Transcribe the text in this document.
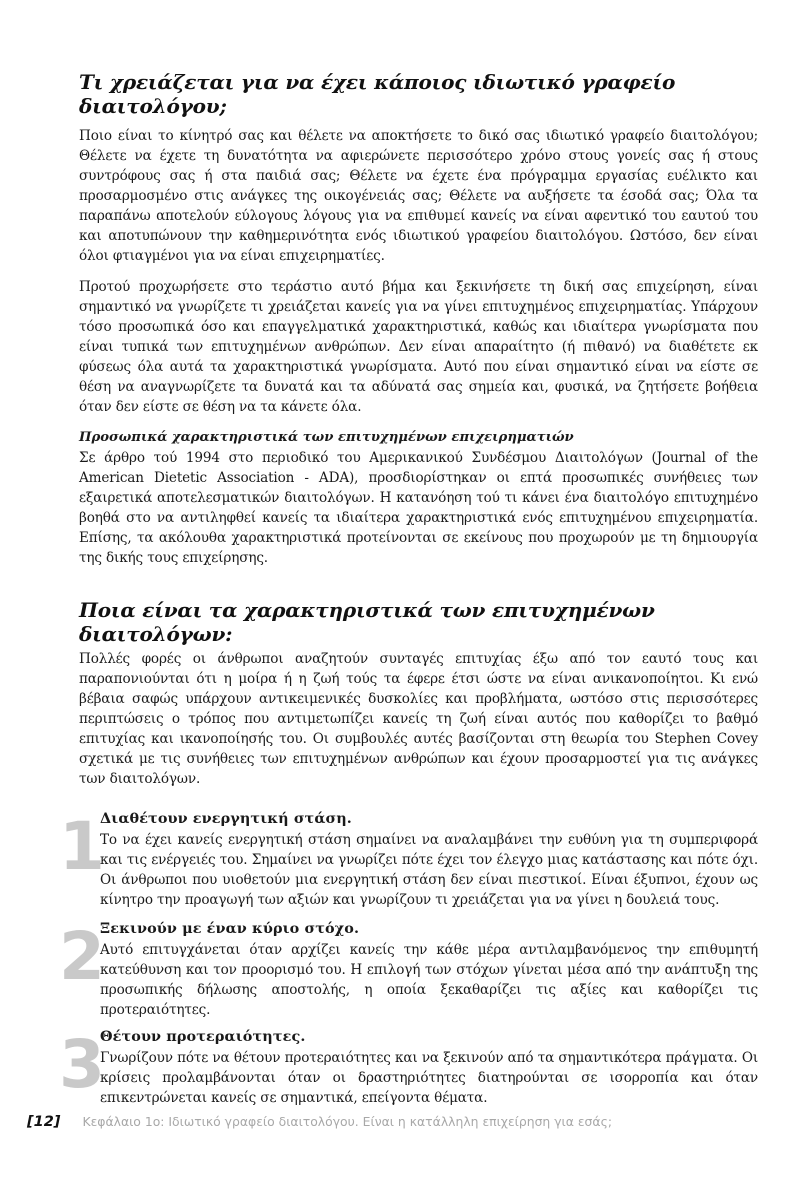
Τι χρειάζεται για να έχει κάποιος ιδιωτικό γραφείο διαιτολόγου;

Ποιο είναι το κίνητρό σας και θέλετε να αποκτήσετε το δικό σας ιδιωτικό γραφείο διαιτολόγου; Θέλετε να έχετε τη δυνατότητα να αφιερώνετε περισσότερο χρόνο στους γονείς σας ή στους συντρόφους σας ή στα παιδιά σας; Θέλετε να έχετε ένα πρόγραμμα εργασίας ευέλικτο και προσαρμοσμένο στις ανάγκες της οικογένειάς σας; Θέλετε να αυξήσετε τα έσοδά σας; Όλα τα παραπάνω αποτελούν εύλογους λόγους για να επιθυμεί κανείς να είναι αφεντικό του εαυτού του και αποτυπώνουν την καθημερινότητα ενός ιδιωτικού γραφείου διαιτολόγου. Ωστόσο, δεν είναι όλοι φτιαγμένοι για να είναι επιχειρηματίες.

Προτού προχωρήσετε στο τεράστιο αυτό βήμα και ξεκινήσετε τη δική σας επιχείρηση, είναι σημαντικό να γνωρίζετε τι χρειάζεται κανείς για να γίνει επιτυχημένος επιχειρηματίας. Υπάρχουν τόσο προσωπικά όσο και επαγγελματικά χαρακτηριστικά, καθώς και ιδιαίτερα γνωρίσματα που είναι τυπικά των επιτυχημένων ανθρώπων. Δεν είναι απαραίτητο (ή πιθανό) να διαθέτετε εκ φύσεως όλα αυτά τα χαρακτηριστικά γνωρίσματα. Αυτό που είναι σημαντικό είναι να είστε σε θέση να αναγνωρίζετε τα δυνατά και τα αδύνατά σας σημεία και, φυσικά, να ζητήσετε βοήθεια όταν δεν είστε σε θέση να τα κάνετε όλα.

Προσωπικά χαρακτηριστικά των επιτυχημένων επιχειρηματιών

Σε άρθρο τού 1994 στο περιοδικό του Αμερικανικού Συνδέσμου Διαιτολόγων (Journal of the American Dietetic Association - ADA), προσδιορίστηκαν οι επτά προσωπικές συνήθειες των εξαιρετικά αποτελεσματικών διαιτολόγων. Η κατανόηση τού τι κάνει ένα διαιτολόγο επιτυχημένο βοηθά στο να αντιληφθεί κανείς τα ιδιαίτερα χαρακτηριστικά ενός επιτυχημένου επιχειρηματία. Επίσης, τα ακόλουθα χαρακτηριστικά προτείνονται σε εκείνους που προχωρούν με τη δημιουργία της δικής τους επιχείρησης.

Ποια είναι τα χαρακτηριστικά των επιτυχημένων διαιτολόγων:

Πολλές φορές οι άνθρωποι αναζητούν συνταγές επιτυχίας έξω από τον εαυτό τους και παραπονιούνται ότι η μοίρα ή η ζωή τούς τα έφερε έτσι ώστε να είναι ανικανοποίητοι. Κι ενώ βέβαια σαφώς υπάρχουν αντικειμενικές δυσκολίες και προβλήματα, ωστόσο στις περισσότερες περιπτώσεις ο τρόπος που αντιμετωπίζει κανείς τη ζωή είναι αυτός που καθορίζει το βαθμό επιτυχίας και ικανοποίησής του. Οι συμβουλές αυτές βασίζονται στη θεωρία του Stephen Covey σχετικά με τις συνήθειες των επιτυχημένων ανθρώπων και έχουν προσαρμοστεί για τις ανάγκες των διαιτολόγων.

1
Διαθέτουν ενεργητική στάση.

Το να έχει κανείς ενεργητική στάση σημαίνει να αναλαμβάνει την ευθύνη για τη συμπεριφορά και τις ενέργειές του. Σημαίνει να γνωρίζει πότε έχει τον έλεγχο μιας κατάστασης και πότε όχι. Οι άνθρωποι που υιοθετούν μια ενεργητική στάση δεν είναι πιεστικοί. Είναι έξυπνοι, έχουν ως κίνητρο την προαγωγή των αξιών και γνωρίζουν τι χρειάζεται για να γίνει η δουλειά τους.

2
Ξεκινούν με έναν κύριο στόχο.

Αυτό επιτυγχάνεται όταν αρχίζει κανείς την κάθε μέρα αντιλαμβανόμενος την επιθυμητή κατεύθυνση και τον προορισμό του. Η επιλογή των στόχων γίνεται μέσα από την ανάπτυξη της προσωπικής δήλωσης αποστολής, η οποία ξεκαθαρίζει τις αξίες και καθορίζει τις προτεραιότητες.

3
Θέτουν προτεραιότητες.

Γνωρίζουν πότε να θέτουν προτεραιότητες και να ξεκινούν από τα σημαντικότερα πράγματα. Οι κρίσεις προλαμβάνονται όταν οι δραστηριότητες διατηρούνται σε ισορροπία και όταν επικεντρώνεται κανείς σε σημαντικά, επείγοντα θέματα.

[12] Κεφάλαιο 1ο: Ιδιωτικό γραφείο διαιτολόγου. Είναι η κατάλληλη επιχείρηση για εσάς;
